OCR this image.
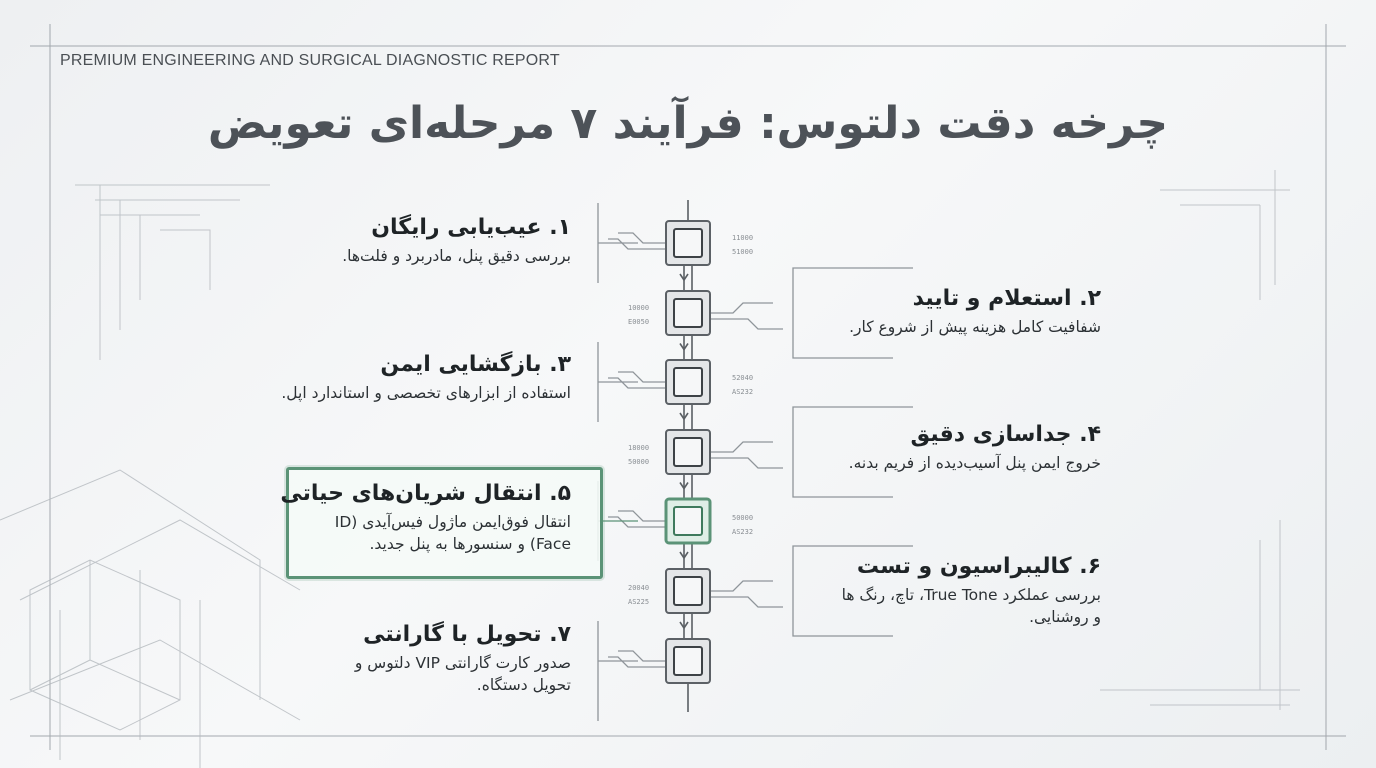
PREMIUM ENGINEERING AND SURGICAL DIAGNOSTIC REPORT
چرخه دقت دلتوس: فرآیند ۷ مرحله‌ای تعویض
۱. عیب‌یابی رایگان
بررسی دقیق پنل، مادربرد و فلت‌ها.
۲. استعلام و تایید
شفافیت کامل هزینه پیش از شروع کار.
۳. بازگشایی ایمن
استفاده از ابزارهای تخصصی و استاندارد اپل.
۴. جداسازی دقیق
خروج ایمن پنل آسیب‌دیده از فریم بدنه.
۵. انتقال شریان‌های حیاتی
انتقال فوق‌ایمن ماژول فیس‌آیدی (ID Face) و سنسورها به پنل جدید.
۶. کالیبراسیون و تست
بررسی عملکرد True Tone، تاچ، رنگ ها و روشنایی.
۷. تحویل با گارانتی
صدور کارت گارانتی VIP دلتوس و تحویل دستگاه.
11000
51000
10000
E0050
52040
AS232
18000
50000
50000
AS232
20040
AS225
